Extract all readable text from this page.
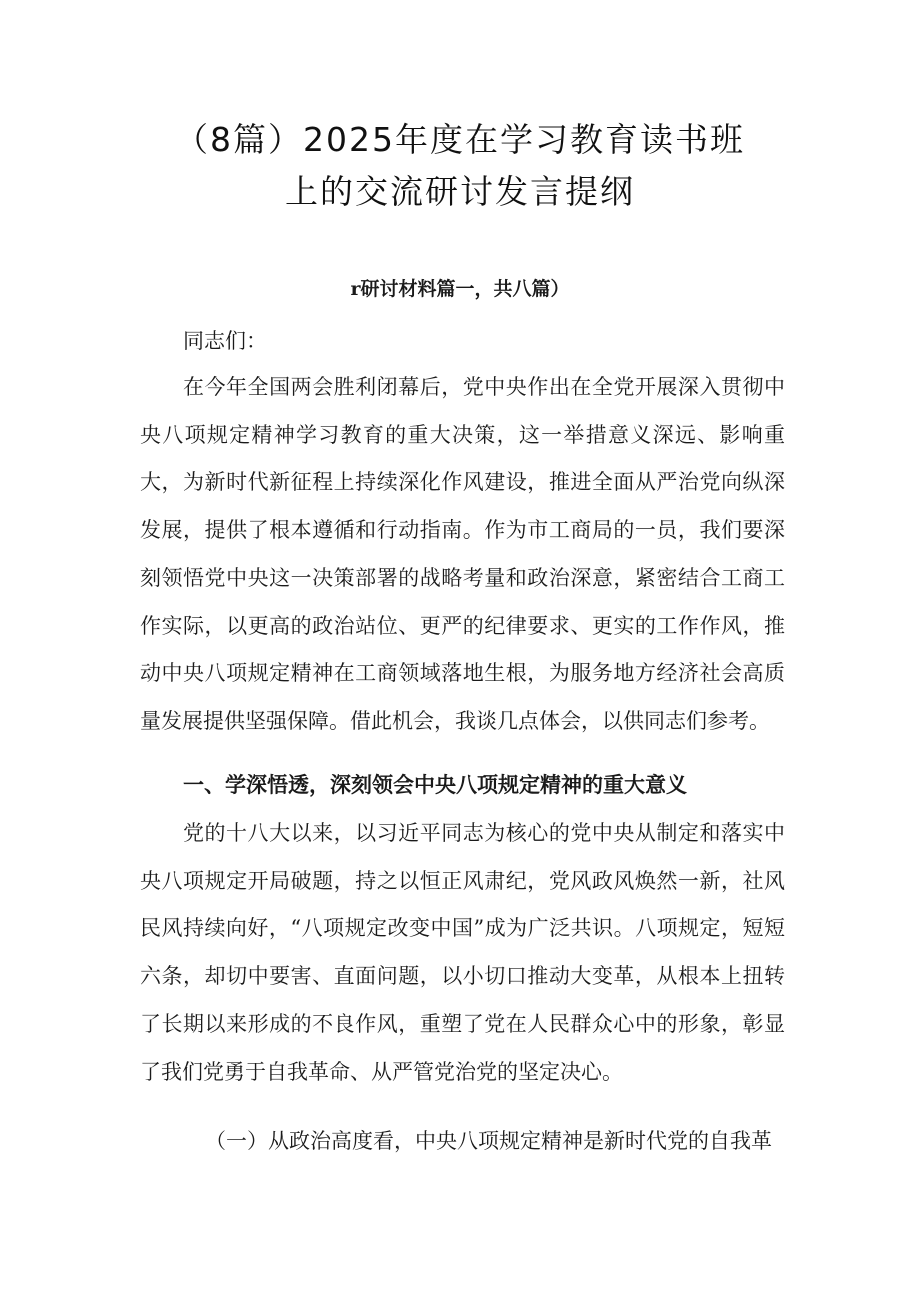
（8篇）2025年度在学习教育读书班
上的交流研讨发言提纲
r研讨材料篇一，共八篇）
同志们：

在今年全国两会胜利闭幕后，党中央作出在全党开展深入贯彻中央八项规定精神学习教育的重大决策，这一举措意义深远、影响重大，为新时代新征程上持续深化作风建设，推进全面从严治党向纵深发展，提供了根本遵循和行动指南。作为市工商局的一员，我们要深刻领悟党中央这一决策部署的战略考量和政治深意，紧密结合工商工作实际，以更高的政治站位、更严的纪律要求、更实的工作作风，推动中央八项规定精神在工商领域落地生根，为服务地方经济社会高质量发展提供坚强保障。借此机会，我谈几点体会，以供同志们参考。

一、学深悟透，深刻领会中央八项规定精神的重大意义

党的十八大以来，以习近平同志为核心的党中央从制定和落实中央八项规定开局破题，持之以恒正风肃纪，党风政风焕然一新，社风民风持续向好，“八项规定改变中国”成为广泛共识。八项规定，短短六条，却切中要害、直面问题，以小切口推动大变革，从根本上扭转了长期以来形成的不良作风，重塑了党在人民群众心中的形象，彰显了我们党勇于自我革命、从严管党治党的坚定决心。

（一）从政治高度看，中央八项规定精神是新时代党的自我革
